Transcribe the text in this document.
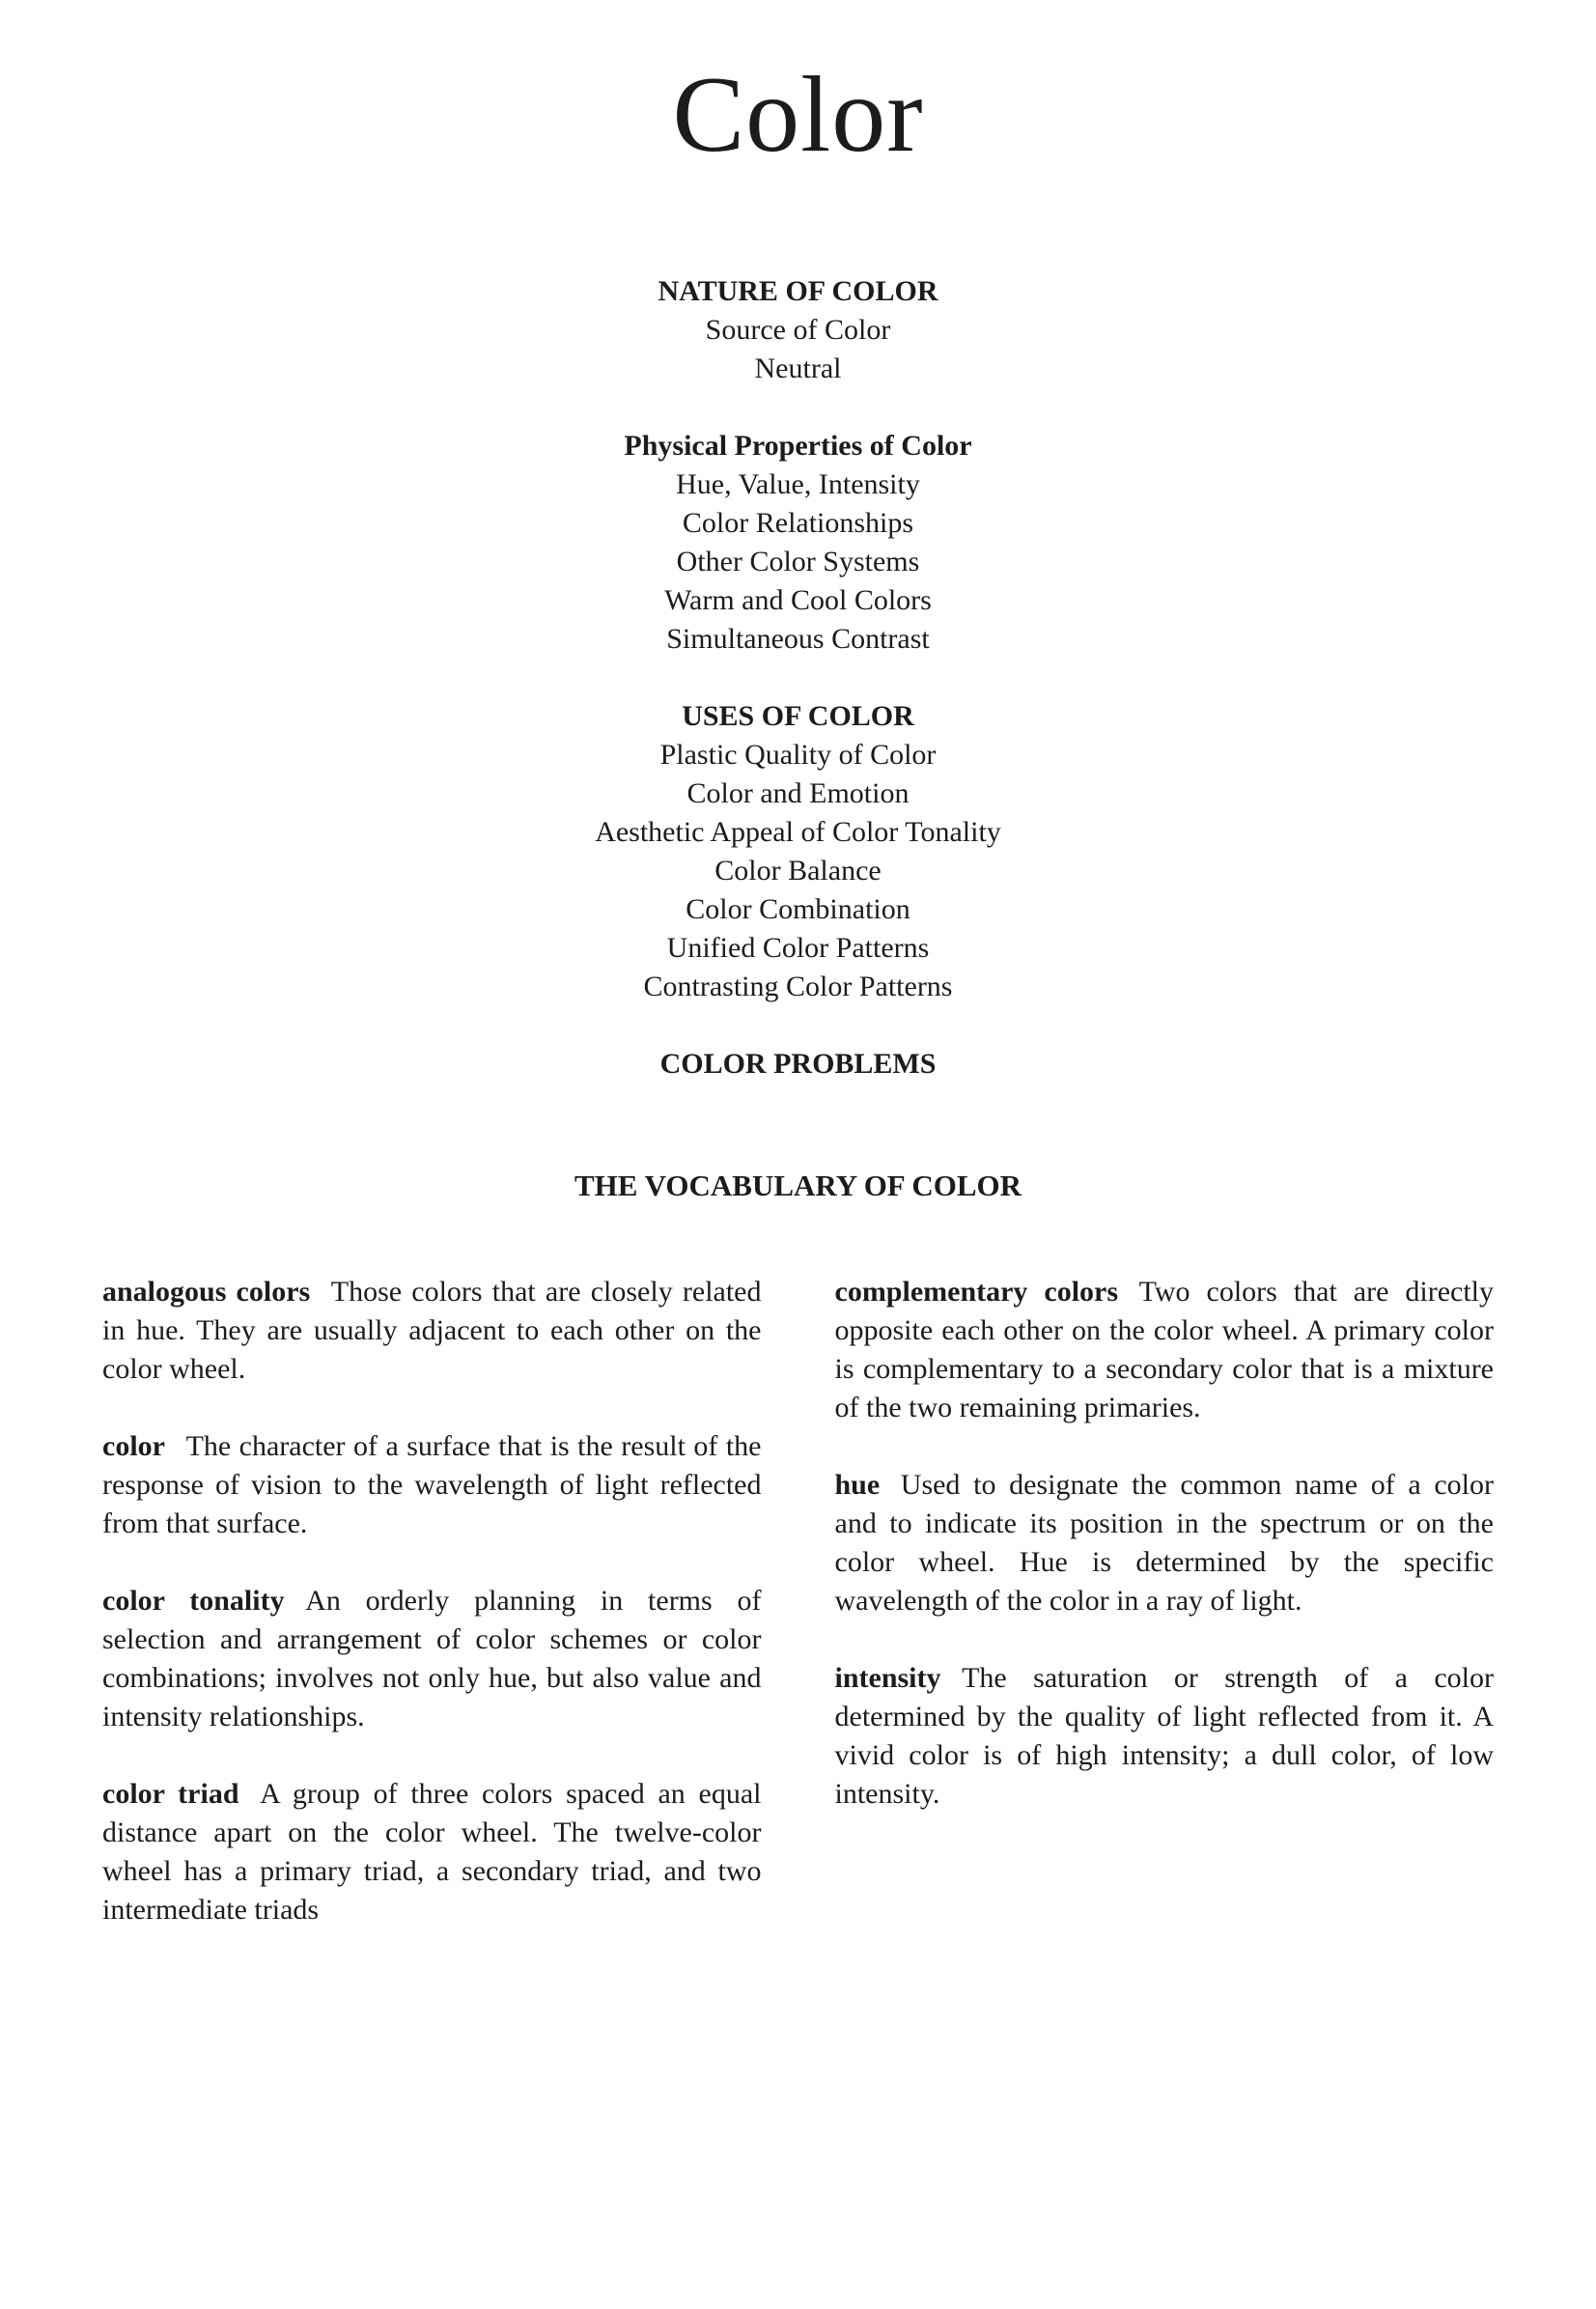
Color
NATURE OF COLOR
Source of Color
Neutral
Physical Properties of Color
Hue, Value, Intensity
Color Relationships
Other Color Systems
Warm and Cool Colors
Simultaneous Contrast
USES OF COLOR
Plastic Quality of Color
Color and Emotion
Aesthetic Appeal of Color Tonality
Color Balance
Color Combination
Unified Color Patterns
Contrasting Color Patterns
COLOR PROBLEMS
THE VOCABULARY OF COLOR

analogous colors Those colors that are closely related in hue. They are usually adjacent to each other on the color wheel.

color The character of a surface that is the result of the response of vision to the wavelength of light reflected from that surface.

color tonality An orderly planning in terms of selection and arrangement of color schemes or color combinations; involves not only hue, but also value and intensity relationships.

color triad A group of three colors spaced an equal distance apart on the color wheel. The twelve-color wheel has a primary triad, a secondary triad, and two intermediate triads

complementary colors Two colors that are directly opposite each other on the color wheel. A primary color is complementary to a secondary color that is a mixture of the two remaining primaries.

hue Used to designate the common name of a color and to indicate its position in the spectrum or on the color wheel. Hue is determined by the specific wavelength of the color in a ray of light.

intensity The saturation or strength of a color determined by the quality of light reflected from it. A vivid color is of high intensity; a dull color, of low intensity.
